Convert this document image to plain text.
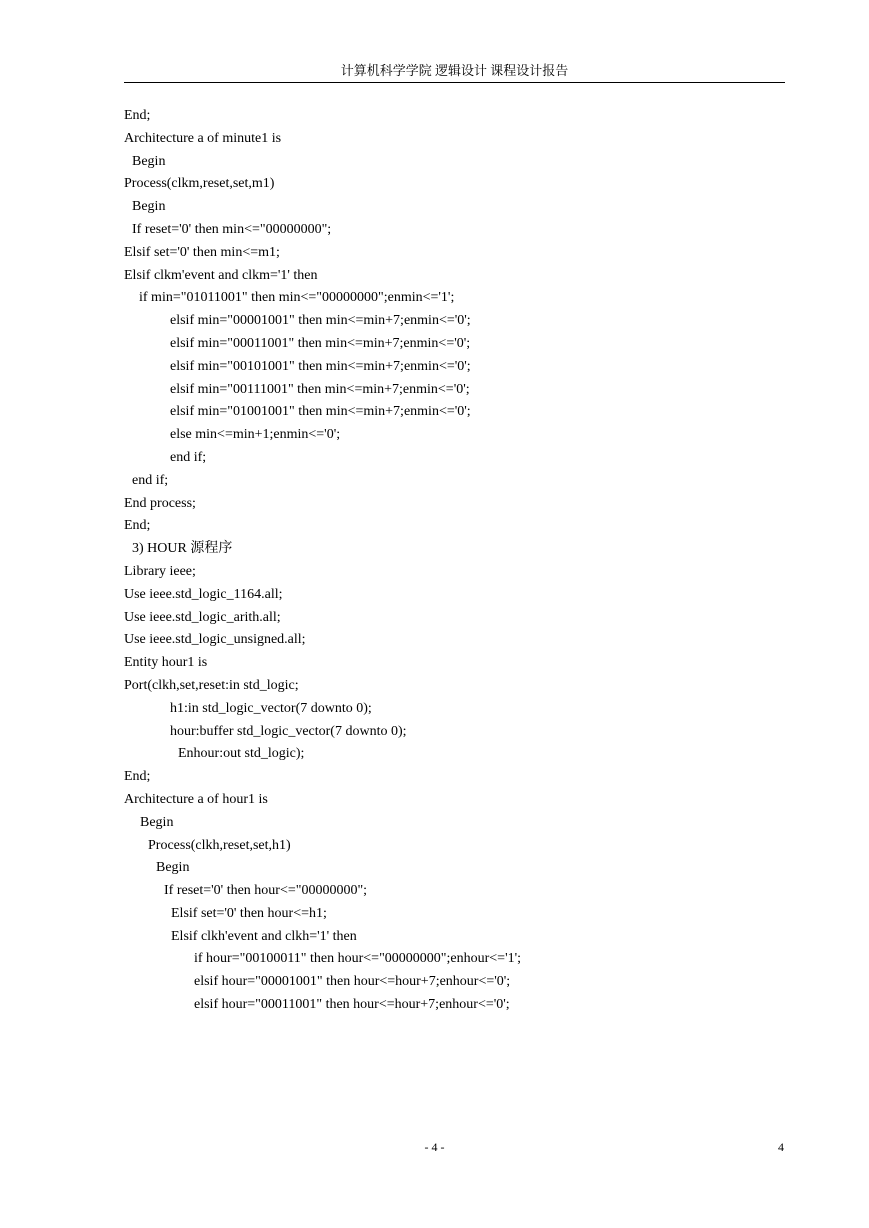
计算机科学学院 逻辑设计 课程设计报告
End;
Architecture a of minute1 is
Begin
Process(clkm,reset,set,m1)
Begin
If reset='0' then min<="00000000";
Elsif set='0' then min<=m1;
Elsif clkm'event and clkm='1' then
if min="01011001" then min<="00000000";enmin<='1';
elsif min="00001001" then min<=min+7;enmin<='0';
elsif min="00011001" then min<=min+7;enmin<='0';
elsif min="00101001" then min<=min+7;enmin<='0';
elsif min="00111001" then min<=min+7;enmin<='0';
elsif min="01001001" then min<=min+7;enmin<='0';
else min<=min+1;enmin<='0';
end if;
end if;
End process;
End;
3) HOUR 源程序
Library ieee;
Use ieee.std_logic_1164.all;
Use ieee.std_logic_arith.all;
Use ieee.std_logic_unsigned.all;
Entity hour1 is
Port(clkh,set,reset:in std_logic;
h1:in std_logic_vector(7 downto 0);
hour:buffer std_logic_vector(7 downto 0);
Enhour:out std_logic);
End;
Architecture a of hour1 is
Begin
Process(clkh,reset,set,h1)
Begin
If reset='0' then hour<="00000000";
Elsif set='0' then hour<=h1;
Elsif clkh'event and clkh='1' then
if hour="00100011" then hour<="00000000";enhour<='1';
elsif hour="00001001" then hour<=hour+7;enhour<='0';
elsif hour="00011001" then hour<=hour+7;enhour<='0';
- 4 -	4
